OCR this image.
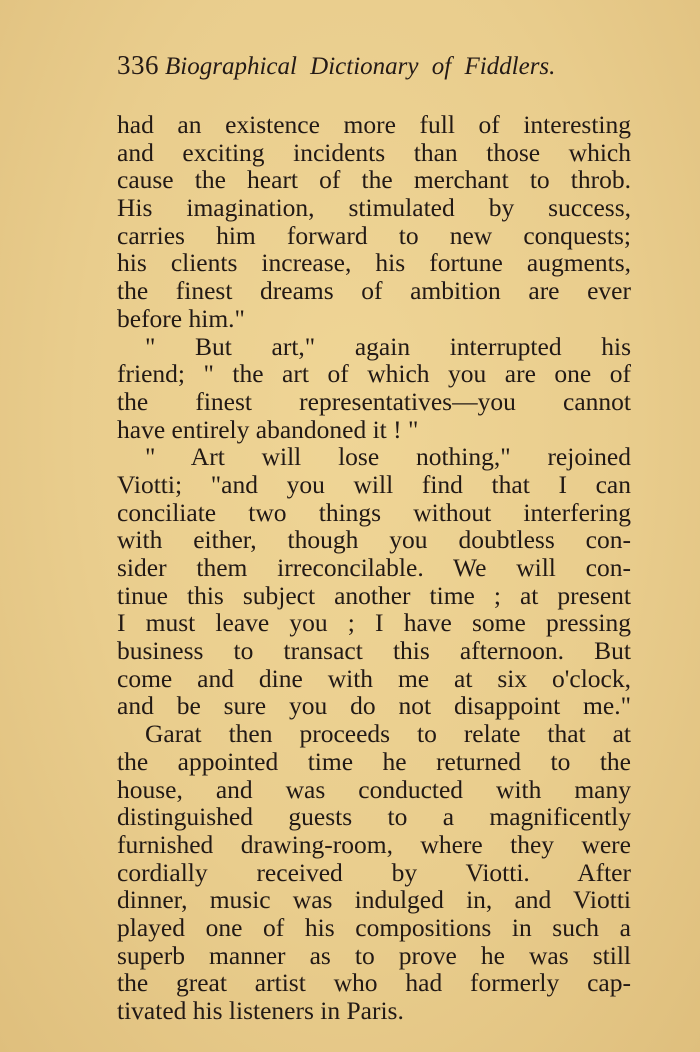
336 Biographical Dictionary of Fiddlers.
had an existence more full of interesting
and exciting incidents than those which
cause the heart of the merchant to throb.
His imagination, stimulated by success,
carries him forward to new conquests;
his clients increase, his fortune augments,
the finest dreams of ambition are ever
before him."
" But art," again interrupted his
friend; " the art of which you are one of
the finest representatives—you cannot
have entirely abandoned it ! "
" Art will lose nothing," rejoined
Viotti; "and you will find that I can
conciliate two things without interfering
with either, though you doubtless con-
sider them irreconcilable. We will con-
tinue this subject another time ; at present
I must leave you ; I have some pressing
business to transact this afternoon. But
come and dine with me at six o'clock,
and be sure you do not disappoint me."
Garat then proceeds to relate that at
the appointed time he returned to the
house, and was conducted with many
distinguished guests to a magnificently
furnished drawing-room, where they were
cordially received by Viotti. After
dinner, music was indulged in, and Viotti
played one of his compositions in such a
superb manner as to prove he was still
the great artist who had formerly cap-
tivated his listeners in Paris.
